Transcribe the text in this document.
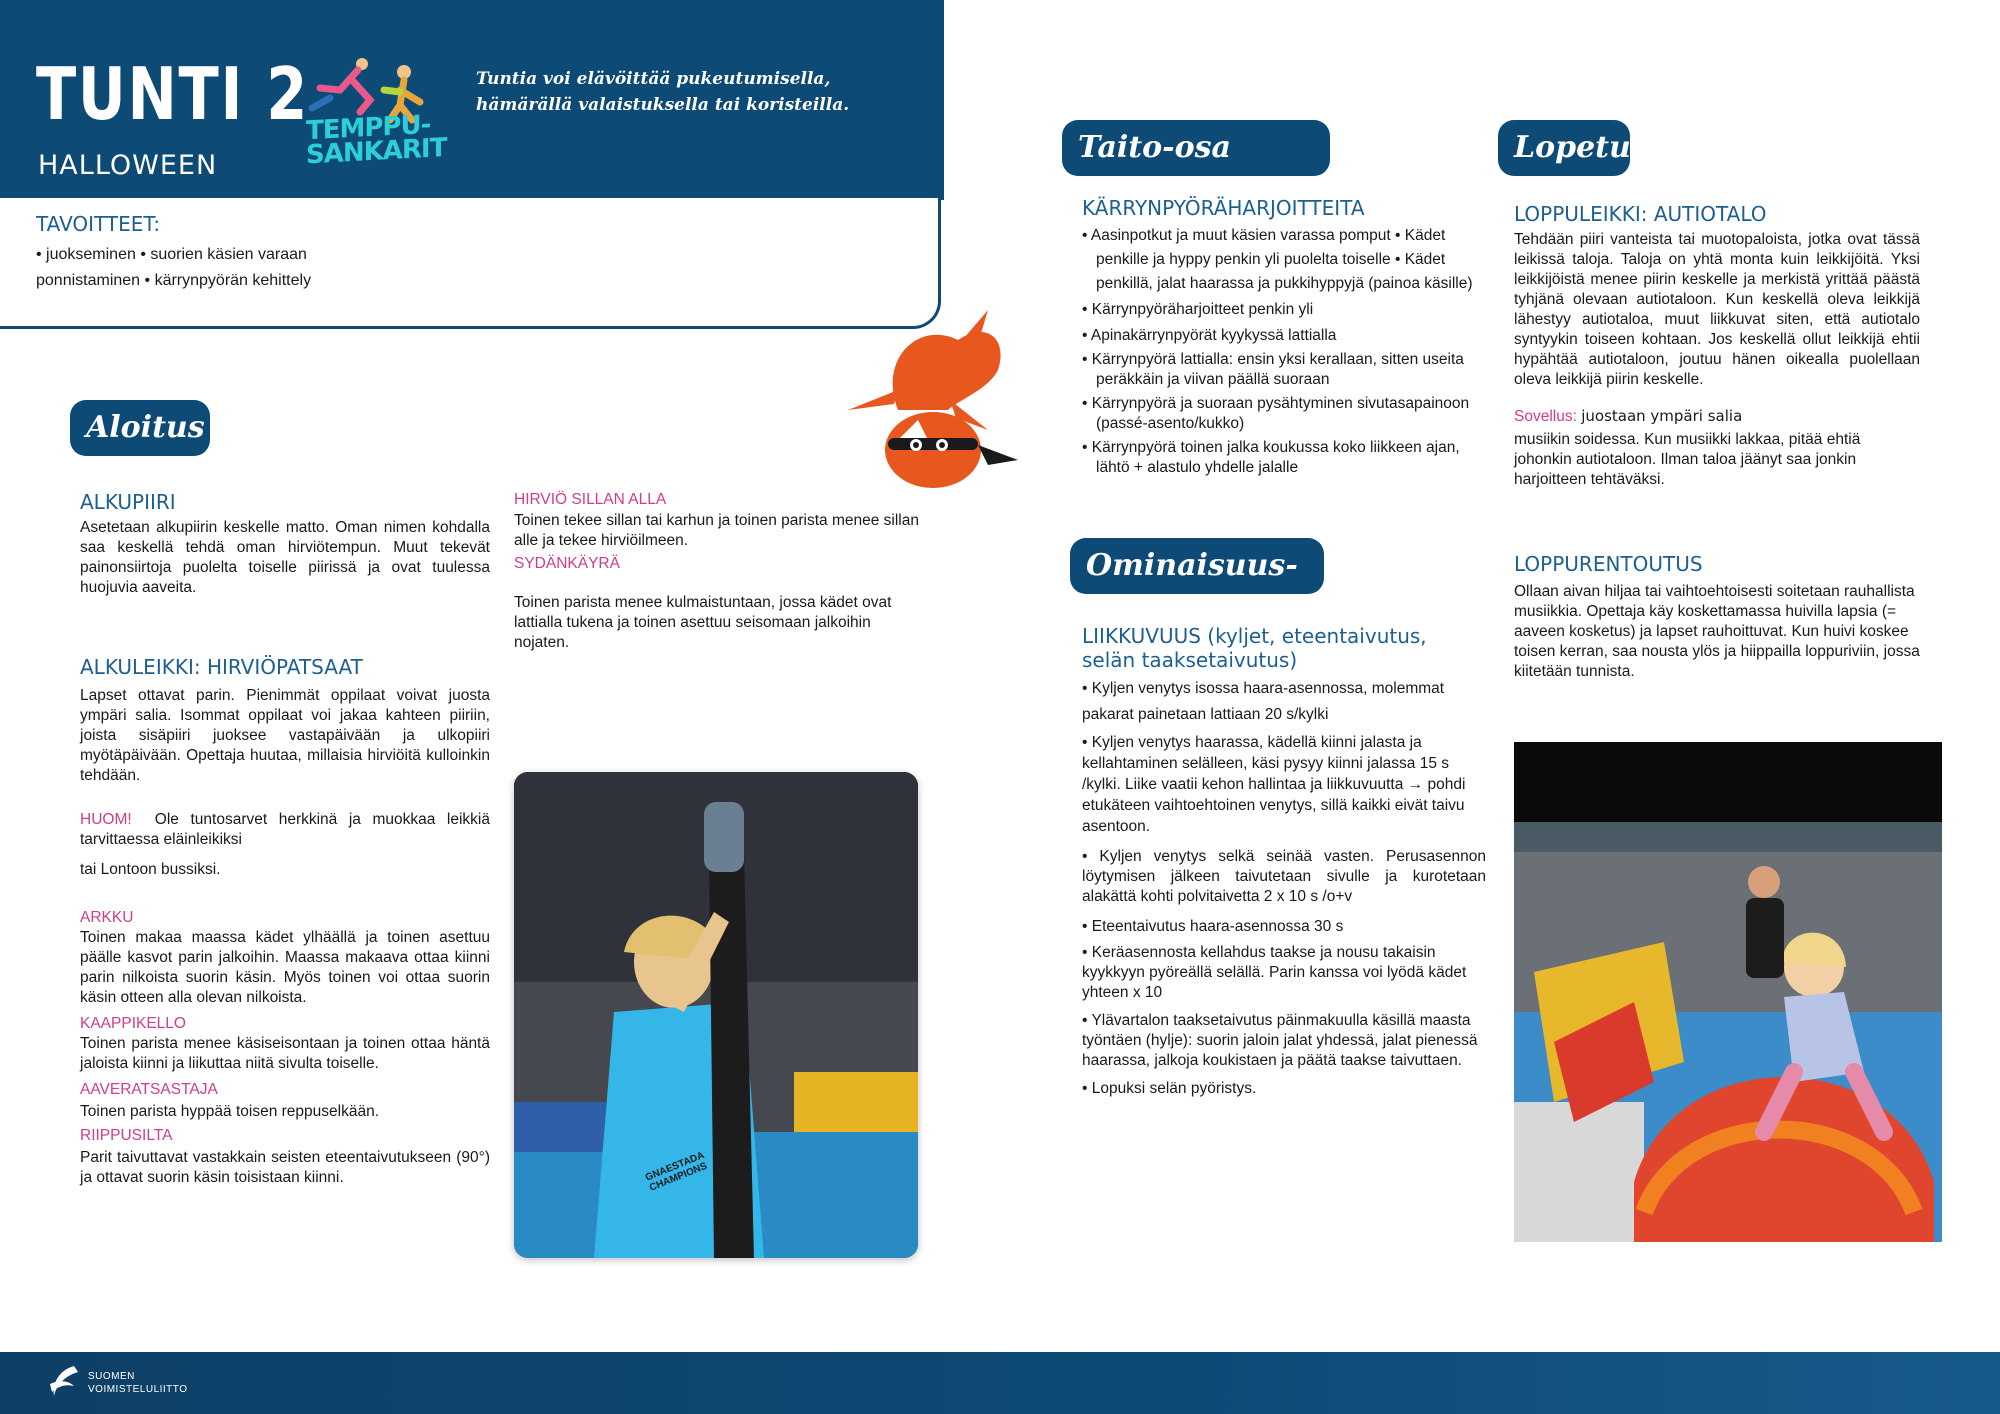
TUNTI 2
HALLOWEEN
TEMPPU-SANKARIT
Tuntia voi elävöittää pukeutumisella, hämärällä valaistuksella tai koristeilla.
TAVOITTEET:
• juokseminen • suorien käsien varaan ponnistaminen • kärrynpyörän kehittely
Aloitus
ALKUPIIRI
Asetetaan alkupiirin keskelle matto. Oman nimen kohdalla saa keskellä tehdä oman hirviötempun. Muut tekevät painonsiirtoja puolelta toiselle piirissä ja ovat tuulessa huojuvia aaveita.
ALKULEIKKI: HIRVIÖPATSAAT
Lapset ottavat parin. Pienimmät oppilaat voivat juosta ympäri salia. Isommat oppilaat voi jakaa kahteen piiriin, joista sisäpiiri juoksee vastapäivään ja ulkopiiri myötäpäivään. Opettaja huutaa, millaisia hirviöitä kulloinkin tehdään.
HUOM! Ole tuntosarvet herkkinä ja muokkaa leikkiä tarvittaessa eläinleikiksi
tai Lontoon bussiksi.
ARKKU
Toinen makaa maassa kädet ylhäällä ja toinen asettuu päälle kasvot parin jalkoihin. Maassa makaava ottaa kiinni parin nilkoista suorin käsin. Myös toinen voi ottaa suorin käsin otteen alla olevan nilkoista.
KAAPPIKELLO
Toinen parista menee käsiseisontaan ja toinen ottaa häntä jaloista kiinni ja liikuttaa niitä sivulta toiselle.
AAVERATSASTAJA
Toinen parista hyppää toisen reppuselkään.
RIIPPUSILTA
Parit taivuttavat vastakkain seisten eteentaivutukseen (90°) ja ottavat suorin käsin toisistaan kiinni.
HIRVIÖ SILLAN ALLA
Toinen tekee sillan tai karhun ja toinen parista menee sillan alle ja tekee hirviöilmeen.
SYDÄNKÄYRÄ
Toinen parista menee kulmaistuntaan, jossa kädet ovat lattialla tukena ja toinen asettuu seisomaan jalkoihin nojaten.
GNAESTADA CHAMPIONS
Taito-osa
KÄRRYNPYÖRÄHARJOITTEITA
• Aasinpotkut ja muut käsien varassa pomput • Kädet penkille ja hyppy penkin yli puolelta toiselle • Kädet penkillä, jalat haarassa ja pukkihyppyjä (painoa käsille)
• Kärrynpyöräharjoitteet penkin yli
• Apinakärrynpyörät kyykyssä lattialla
• Kärrynpyörä lattialla: ensin yksi kerallaan, sitten useita peräkkäin ja viivan päällä suoraan
• Kärrynpyörä ja suoraan pysähtyminen sivutasapainoon (passé-asento/kukko)
• Kärrynpyörä toinen jalka koukussa koko liikkeen ajan, lähtö + alastulo yhdelle jalalle
Ominaisuus-osa
LIIKKUVUUS (kyljet, eteentaivutus, selän taaksetaivutus)
• Kyljen venytys isossa haara-asennossa, molemmat pakarat painetaan lattiaan 20 s/kylki
• Kyljen venytys haarassa, kädellä kiinni jalasta ja kellahtaminen selälleen, käsi pysyy kiinni jalassa 15 s /kylki. Liike vaatii kehon hallintaa ja liikkuvuutta → pohdi etukäteen vaihtoehtoinen venytys, sillä kaikki eivät taivu asentoon.
• Kyljen venytys selkä seinää vasten. Perusasennon löytymisen jälkeen taivutetaan sivulle ja kurotetaan alakättä kohti polvitaivetta 2 x 10 s /o+v
• Eteentaivutus haara-asennossa 30 s
• Keräasennosta kellahdus taakse ja nousu takaisin kyykkyyn pyöreällä selällä. Parin kanssa voi lyödä kädet yhteen x 10
• Ylävartalon taaksetaivutus päinmakuulla käsillä maasta työntäen (hylje): suorin jaloin jalat yhdessä, jalat pienessä haarassa, jalkoja koukistaen ja päätä taakse taivuttaen.
• Lopuksi selän pyöristys.
Lopetus
LOPPULEIKKI: AUTIOTALO
Tehdään piiri vanteista tai muotopaloista, jotka ovat tässä leikissä taloja. Taloja on yhtä monta kuin leikkijöitä. Yksi leikkijöistä menee piirin keskelle ja merkistä yrittää päästä tyhjänä olevaan autiotaloon. Kun keskellä oleva leikkijä lähestyy autiotaloa, muut liikkuvat siten, että autiotalo syntyykin toiseen kohtaan. Jos keskellä ollut leikkijä ehtii hypähtää autiotaloon, joutuu hänen oikealla puolellaan oleva leikkijä piirin keskelle.
Sovellus: juostaan ympäri salia
musiikin soidessa. Kun musiikki lakkaa, pitää ehtiä johonkin autiotaloon. Ilman taloa jäänyt saa jonkin harjoitteen tehtäväksi.
LOPPURENTOUTUS
Ollaan aivan hiljaa tai vaihtoehtoisesti soitetaan rauhallista musiikkia. Opettaja käy koskettamassa huivilla lapsia (= aaveen kosketus) ja lapset rauhoittuvat. Kun huivi koskee toisen kerran, saa nousta ylös ja hiippailla loppuriviin, jossa kiitetään tunnista.
SUOMEN
VOIMISTELULIITTO
